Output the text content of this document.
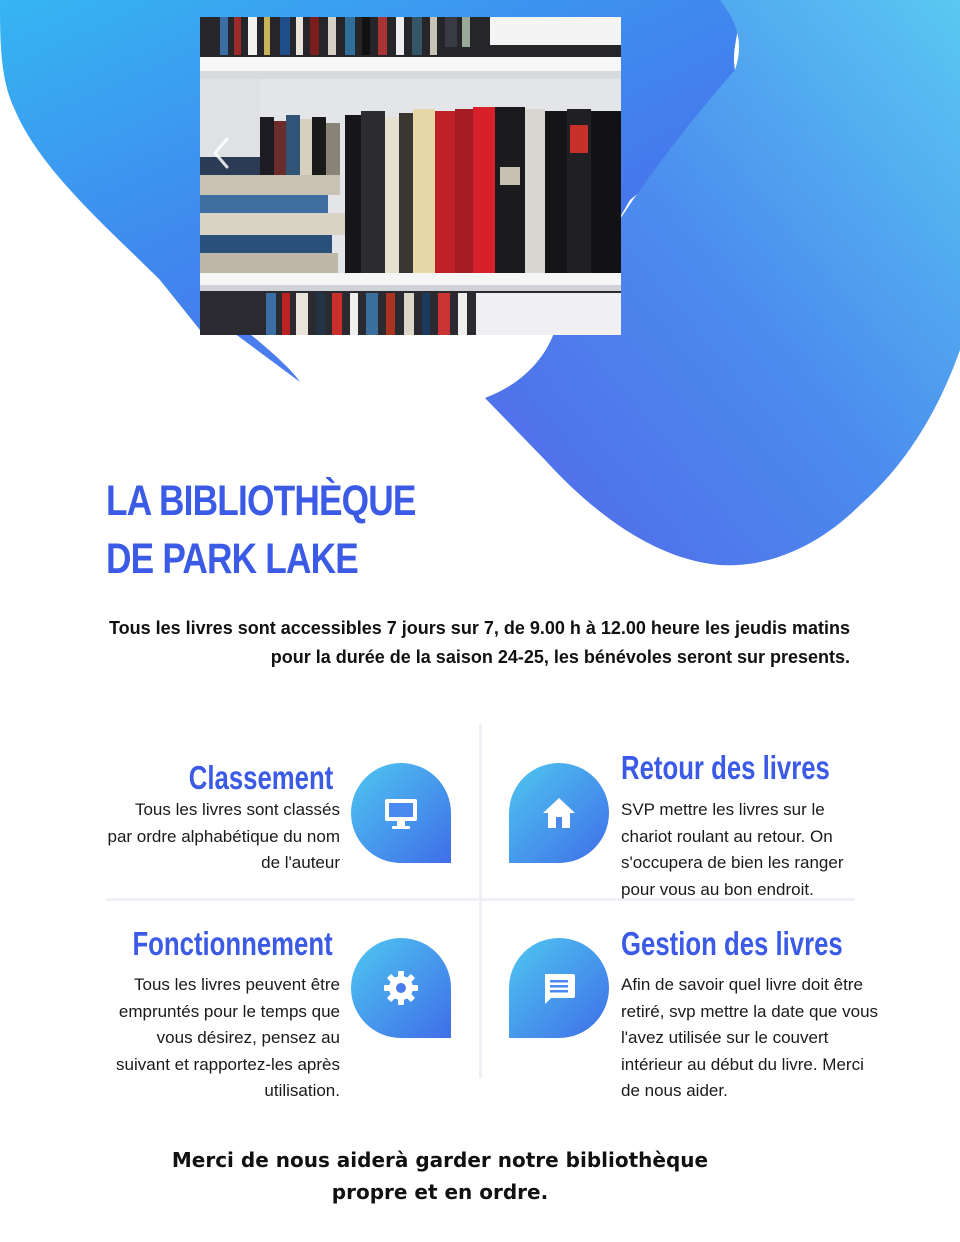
LA BIBLIOTHÈQUE DE PARK LAKE
Tous les livres sont accessibles 7 jours sur 7, de 9.00 h à 12.00 heure les jeudis matins pour la durée de la saison 24-25, les bénévoles seront sur presents.
Classement
Tous les livres sont classés par ordre alphabétique du nom de l'auteur
Retour des livres
SVP mettre les livres sur le chariot roulant au retour. On s'occupera de bien les ranger pour vous au bon endroit.
Fonctionnement
Tous les livres peuvent être empruntés pour le temps que vous désirez, pensez au suivant et rapportez-les après utilisation.
Gestion des livres
Afin de savoir quel livre doit être retiré, svp mettre la date que vous l'avez utilisée sur le couvert intérieur au début du livre. Merci de nous aider.
Merci de nous aiderà garder notre bibliothèque propre et en ordre.
